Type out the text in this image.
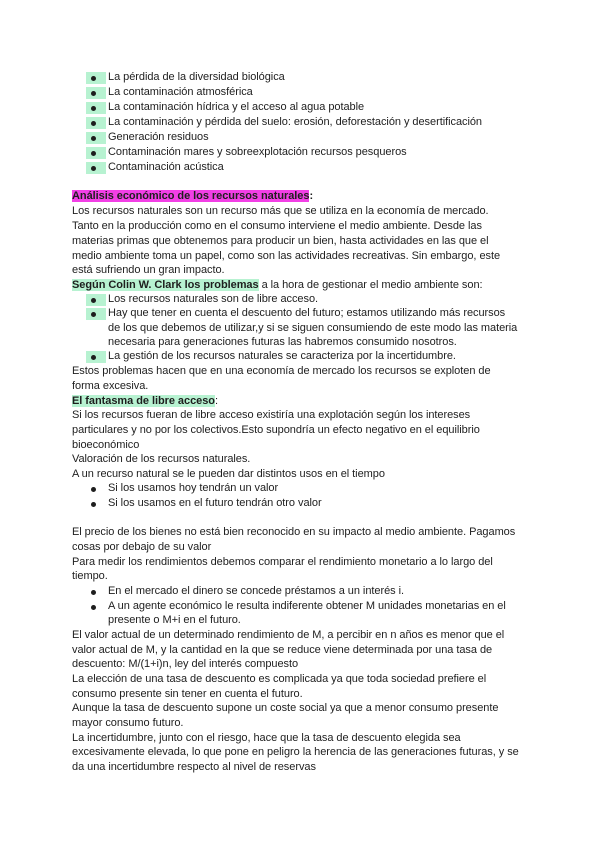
La pérdida de la diversidad biológica
La contaminación atmosférica
La contaminación hídrica y el acceso al agua potable
La contaminación y pérdida del suelo: erosión, deforestación y desertificación
Generación residuos
Contaminación mares y sobreexplotación recursos pesqueros
Contaminación acústica
Análisis económico de los recursos naturales:
Los recursos naturales son un recurso más que se utiliza en la economía de mercado.
Tanto en la producción como en el consumo interviene el medio ambiente. Desde las
materias primas que obtenemos para producir un bien, hasta actividades en las que el
medio ambiente toma un papel, como son las actividades recreativas. Sin embargo, este
está sufriendo un gran impacto.
Según Colin W. Clark los problemas a la hora de gestionar el medio ambiente son:
Los recursos naturales son de libre acceso.
Hay que tener en cuenta el descuento del futuro; estamos utilizando más recursos
de los que debemos de utilizar,y si se siguen consumiendo de este modo las materia
necesaria para generaciones futuras las habremos consumido nosotros.
La gestión de los recursos naturales se caracteriza por la incertidumbre.
Estos problemas hacen que en una economía de mercado los recursos se exploten de
forma excesiva.
El fantasma de libre acceso:
Si los recursos fueran de libre acceso existiría una explotación según los intereses
particulares y no por los colectivos.Esto supondría un efecto negativo en el equilibrio
bioeconómico
Valoración de los recursos naturales.
A un recurso natural se le pueden dar distintos usos en el tiempo
Si los usamos hoy tendrán un valor
Si los usamos en el futuro tendrán otro valor
El precio de los bienes no está bien reconocido en su impacto al medio ambiente. Pagamos
cosas por debajo de su valor
Para medir los rendimientos debemos comparar el rendimiento monetario a lo largo del
tiempo.
En el mercado el dinero se concede préstamos a un interés i.
A un agente económico le resulta indiferente obtener M unidades monetarias en el
presente o M+i en el futuro.
El valor actual de un determinado rendimiento de M, a percibir en n años es menor que el
valor actual de M, y la cantidad en la que se reduce viene determinada por una tasa de
descuento: M/(1+i)n, ley del interés compuesto
La elección de una tasa de descuento es complicada ya que toda sociedad prefiere el
consumo presente sin tener en cuenta el futuro.
Aunque la tasa de descuento supone un coste social ya que a menor consumo presente
mayor consumo futuro.
La incertidumbre, junto con el riesgo, hace que la tasa de descuento elegida sea
excesivamente elevada, lo que pone en peligro la herencia de las generaciones futuras, y se
da una incertidumbre respecto al nivel de reservas
